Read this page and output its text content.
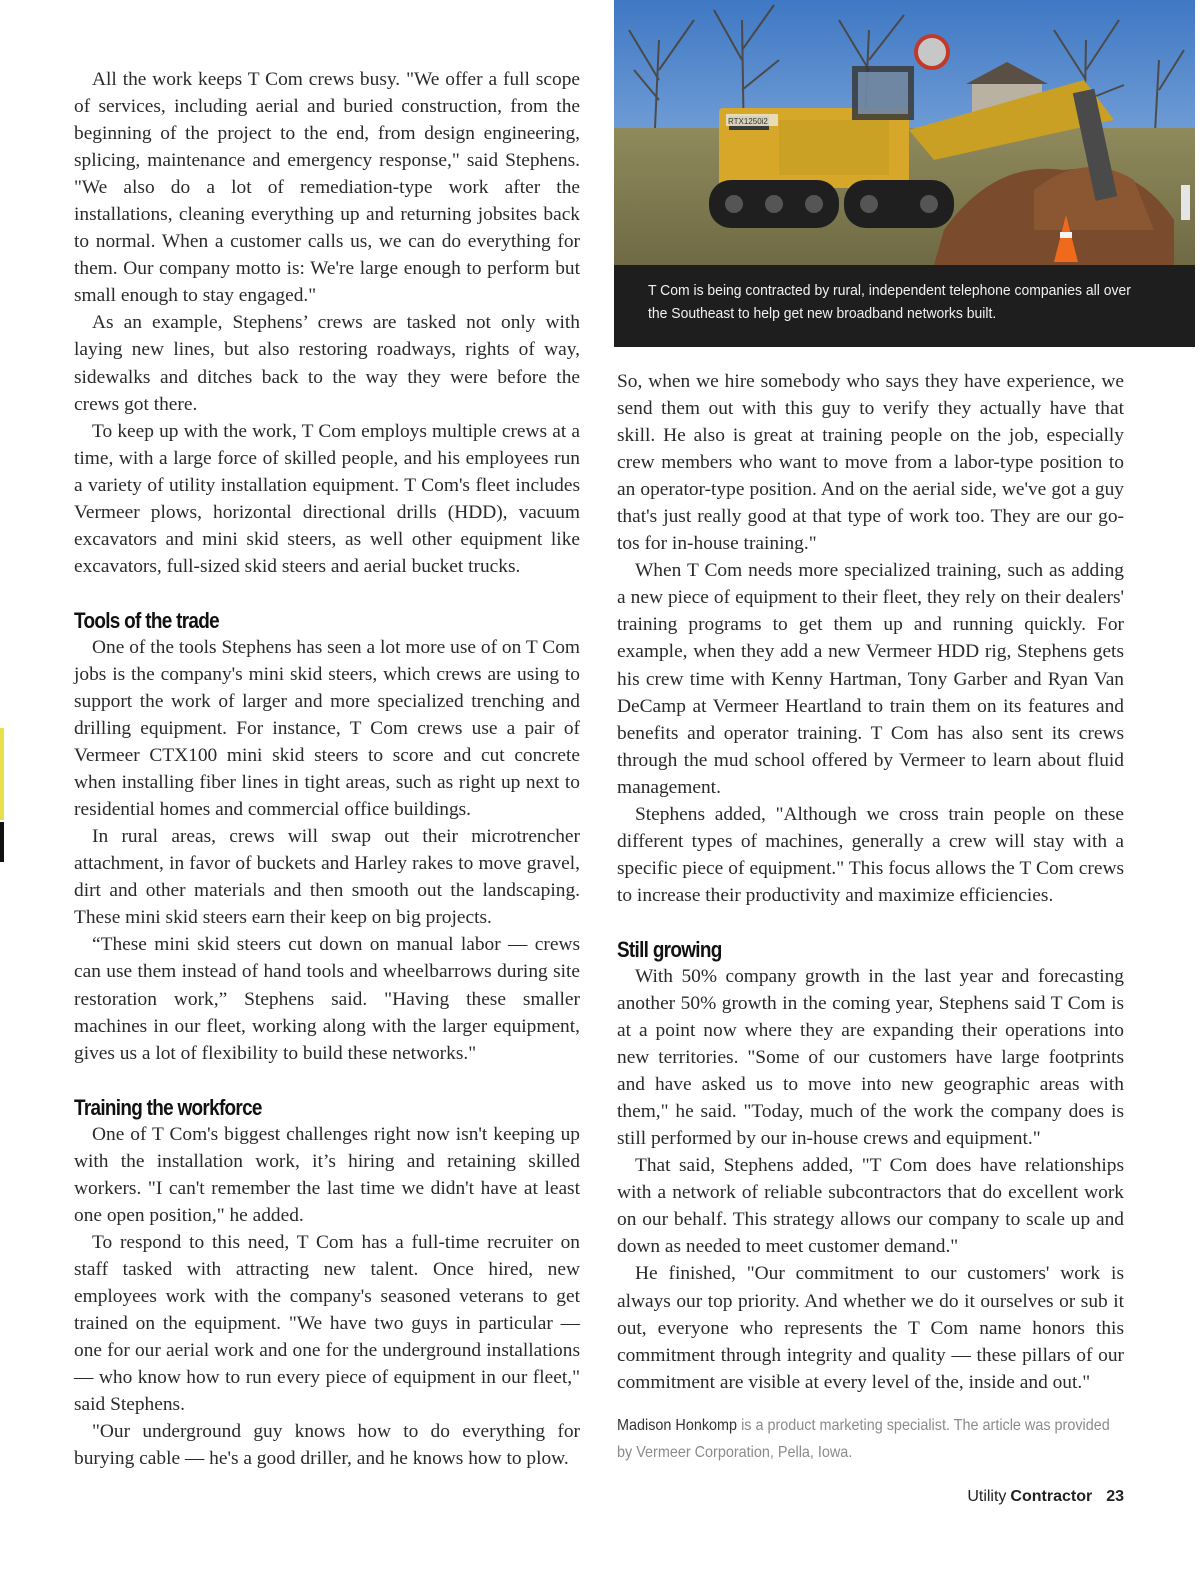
RTX1250i2
T Com is being contracted by rural, independent telephone companies all over the Southeast to help get new broadband networks built.

All the work keeps T Com crews busy. "We offer a full scope of services, including aerial and buried construction, from the beginning of the project to the end, from design engineering, splicing, maintenance and emergency response," said Stephens. "We also do a lot of remediation-type work after the installations, cleaning everything up and returning jobsites back to normal. When a customer calls us, we can do everything for them. Our company motto is: We're large enough to perform but small enough to stay engaged."

As an example, Stephens’ crews are tasked not only with laying new lines, but also restoring roadways, rights of way, sidewalks and ditches back to the way they were before the crews got there.

To keep up with the work, T Com employs multiple crews at a time, with a large force of skilled people, and his employees run a variety of utility installation equipment. T Com's fleet includes Vermeer plows, horizontal directional drills (HDD), vacuum excavators and mini skid steers, as well other equipment like excavators, full-sized skid steers and aerial bucket trucks.

Tools of the trade

One of the tools Stephens has seen a lot more use of on T Com jobs is the company's mini skid steers, which crews are using to support the work of larger and more specialized trenching and drilling equipment. For instance, T Com crews use a pair of Vermeer CTX100 mini skid steers to score and cut concrete when installing fiber lines in tight areas, such as right up next to residential homes and commercial office buildings.

In rural areas, crews will swap out their microtrencher attachment, in favor of buckets and Harley rakes to move gravel, dirt and other materials and then smooth out the landscaping. These mini skid steers earn their keep on big projects.

“These mini skid steers cut down on manual labor — crews can use them instead of hand tools and wheelbarrows during site restoration work,” Stephens said. "Having these smaller machines in our fleet, working along with the larger equipment, gives us a lot of flexibility to build these networks."

Training the workforce

One of T Com's biggest challenges right now isn't keeping up with the installation work, it’s hiring and retaining skilled workers. "I can't remember the last time we didn't have at least one open position," he added.

To respond to this need, T Com has a full-time recruiter on staff tasked with attracting new talent. Once hired, new employees work with the company's seasoned veterans to get trained on the equipment. "We have two guys in particular — one for our aerial work and one for the underground installations — who know how to run every piece of equipment in our fleet," said Stephens.

"Our underground guy knows how to do everything for burying cable — he's a good driller, and he knows how to plow.

So, when we hire somebody who says they have experience, we send them out with this guy to verify they actually have that skill. He also is great at training people on the job, especially crew members who want to move from a labor-type position to an operator-type position. And on the aerial side, we've got a guy that's just really good at that type of work too. They are our go-tos for in-house training."

When T Com needs more specialized training, such as adding a new piece of equipment to their fleet, they rely on their dealers' training programs to get them up and running quickly. For example, when they add a new Vermeer HDD rig, Stephens gets his crew time with Kenny Hartman, Tony Garber and Ryan Van DeCamp at Vermeer Heartland to train them on its features and benefits and operator training. T Com has also sent its crews through the mud school offered by Vermeer to learn about fluid management.

Stephens added, "Although we cross train people on these different types of machines, generally a crew will stay with a specific piece of equipment." This focus allows the T Com crews to increase their productivity and maximize efficiencies.

Still growing

With 50% company growth in the last year and forecasting another 50% growth in the coming year, Stephens said T Com is at a point now where they are expanding their operations into new territories. "Some of our customers have large footprints and have asked us to move into new geographic areas with them," he said. "Today, much of the work the company does is still performed by our in-house crews and equipment."

That said, Stephens added, "T Com does have relationships with a network of reliable subcontractors that do excellent work on our behalf. This strategy allows our company to scale up and down as needed to meet customer demand."

He finished, "Our commitment to our customers' work is always our top priority. And whether we do it ourselves or sub it out, everyone who represents the T Com name honors this commitment through integrity and quality — these pillars of our commitment are visible at every level of the, inside and out."

Madison Honkomp is a product marketing specialist. The article was provided by Vermeer Corporation, Pella, Iowa.
Utility Contractor 23
